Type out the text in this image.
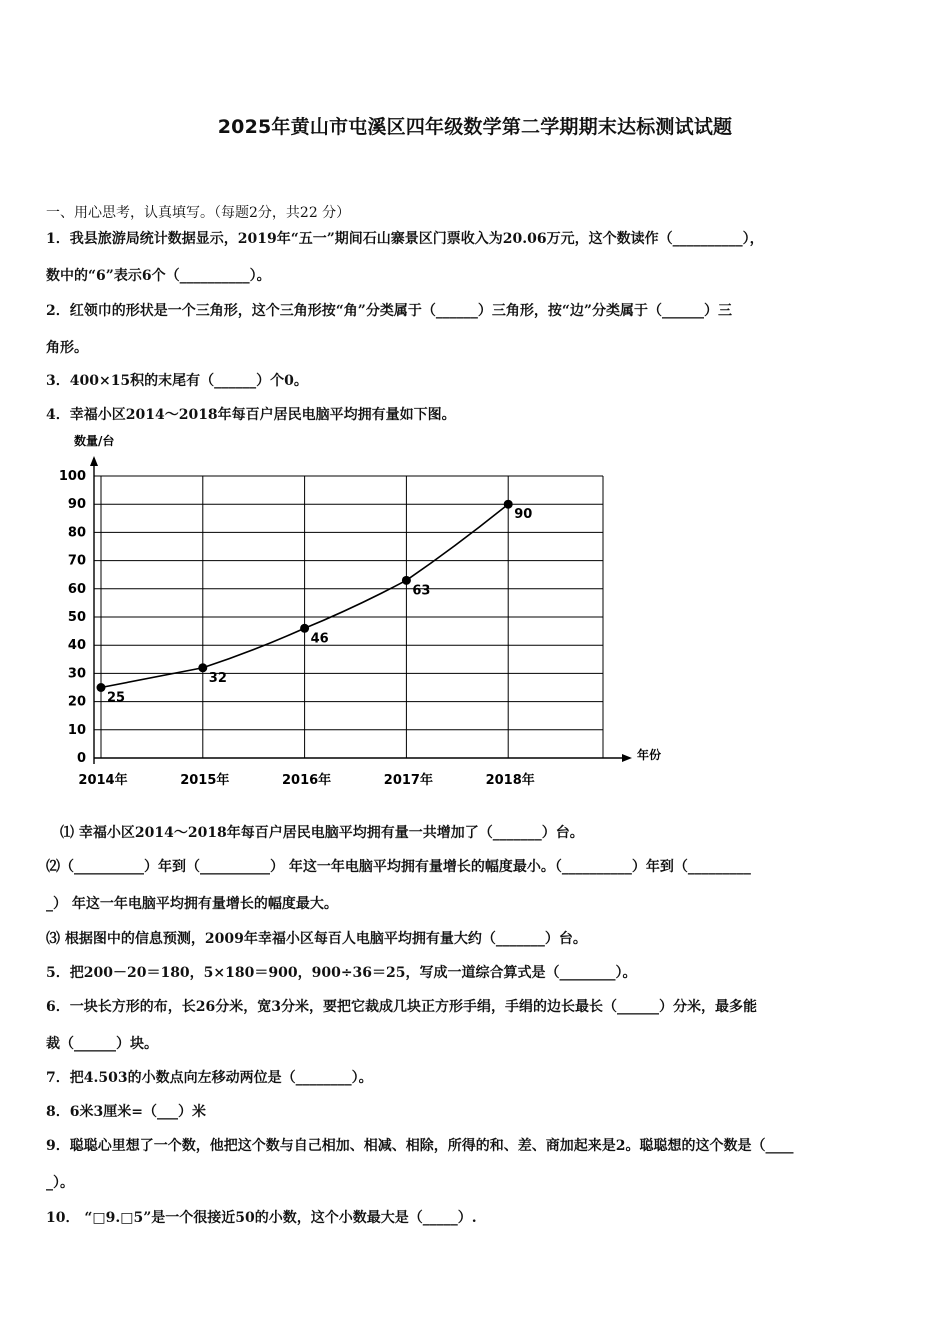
2025年黄山市屯溪区四年级数学第二学期期末达标测试试题
一、用心思考，认真填写。（每题2分，共22 分）
1．我县旅游局统计数据显示，2019年“五一”期间石山寨景区门票收入为20.06万元，这个数读作（__________），
数中的“6”表示6个（__________）。
2．红领巾的形状是一个三角形，这个三角形按“角”分类属于（______）三角形，按“边”分类属于（______）三
角形。
3．400×15积的末尾有（______）个0。
4．幸福小区2014～2018年每百户居民电脑平均拥有量如下图。
数量/台
年份
0
10
20
30
40
50
60
70
80
90
100
2014年	2015年	2016年	2017年	2018年
25
32
46
63
90
⑴ 幸福小区2014～2018年每百户居民电脑平均拥有量一共增加了（_______）台。
⑵（__________）年到（__________） 年这一年电脑平均拥有量增长的幅度最小。（__________）年到（_________
_） 年这一年电脑平均拥有量增长的幅度最大。
⑶ 根据图中的信息预测，2009年幸福小区每百人电脑平均拥有量大约（_______）台。
5．把200－20＝180，5×180＝900，900÷36＝25，写成一道综合算式是（________）。
6．一块长方形的布，长26分米，宽3分米，要把它裁成几块正方形手绢，手绢的边长最长（______）分米，最多能
裁（______）块。
7．把4.503的小数点向左移动两位是（________）。
8．6米3厘米=（___）米
9．聪聪心里想了一个数，他把这个数与自己相加、相减、相除，所得的和、差、商加起来是2。聪聪想的这个数是（____
_）。
10． “□9.□5”是一个很接近50的小数，这个小数最大是（_____）.
